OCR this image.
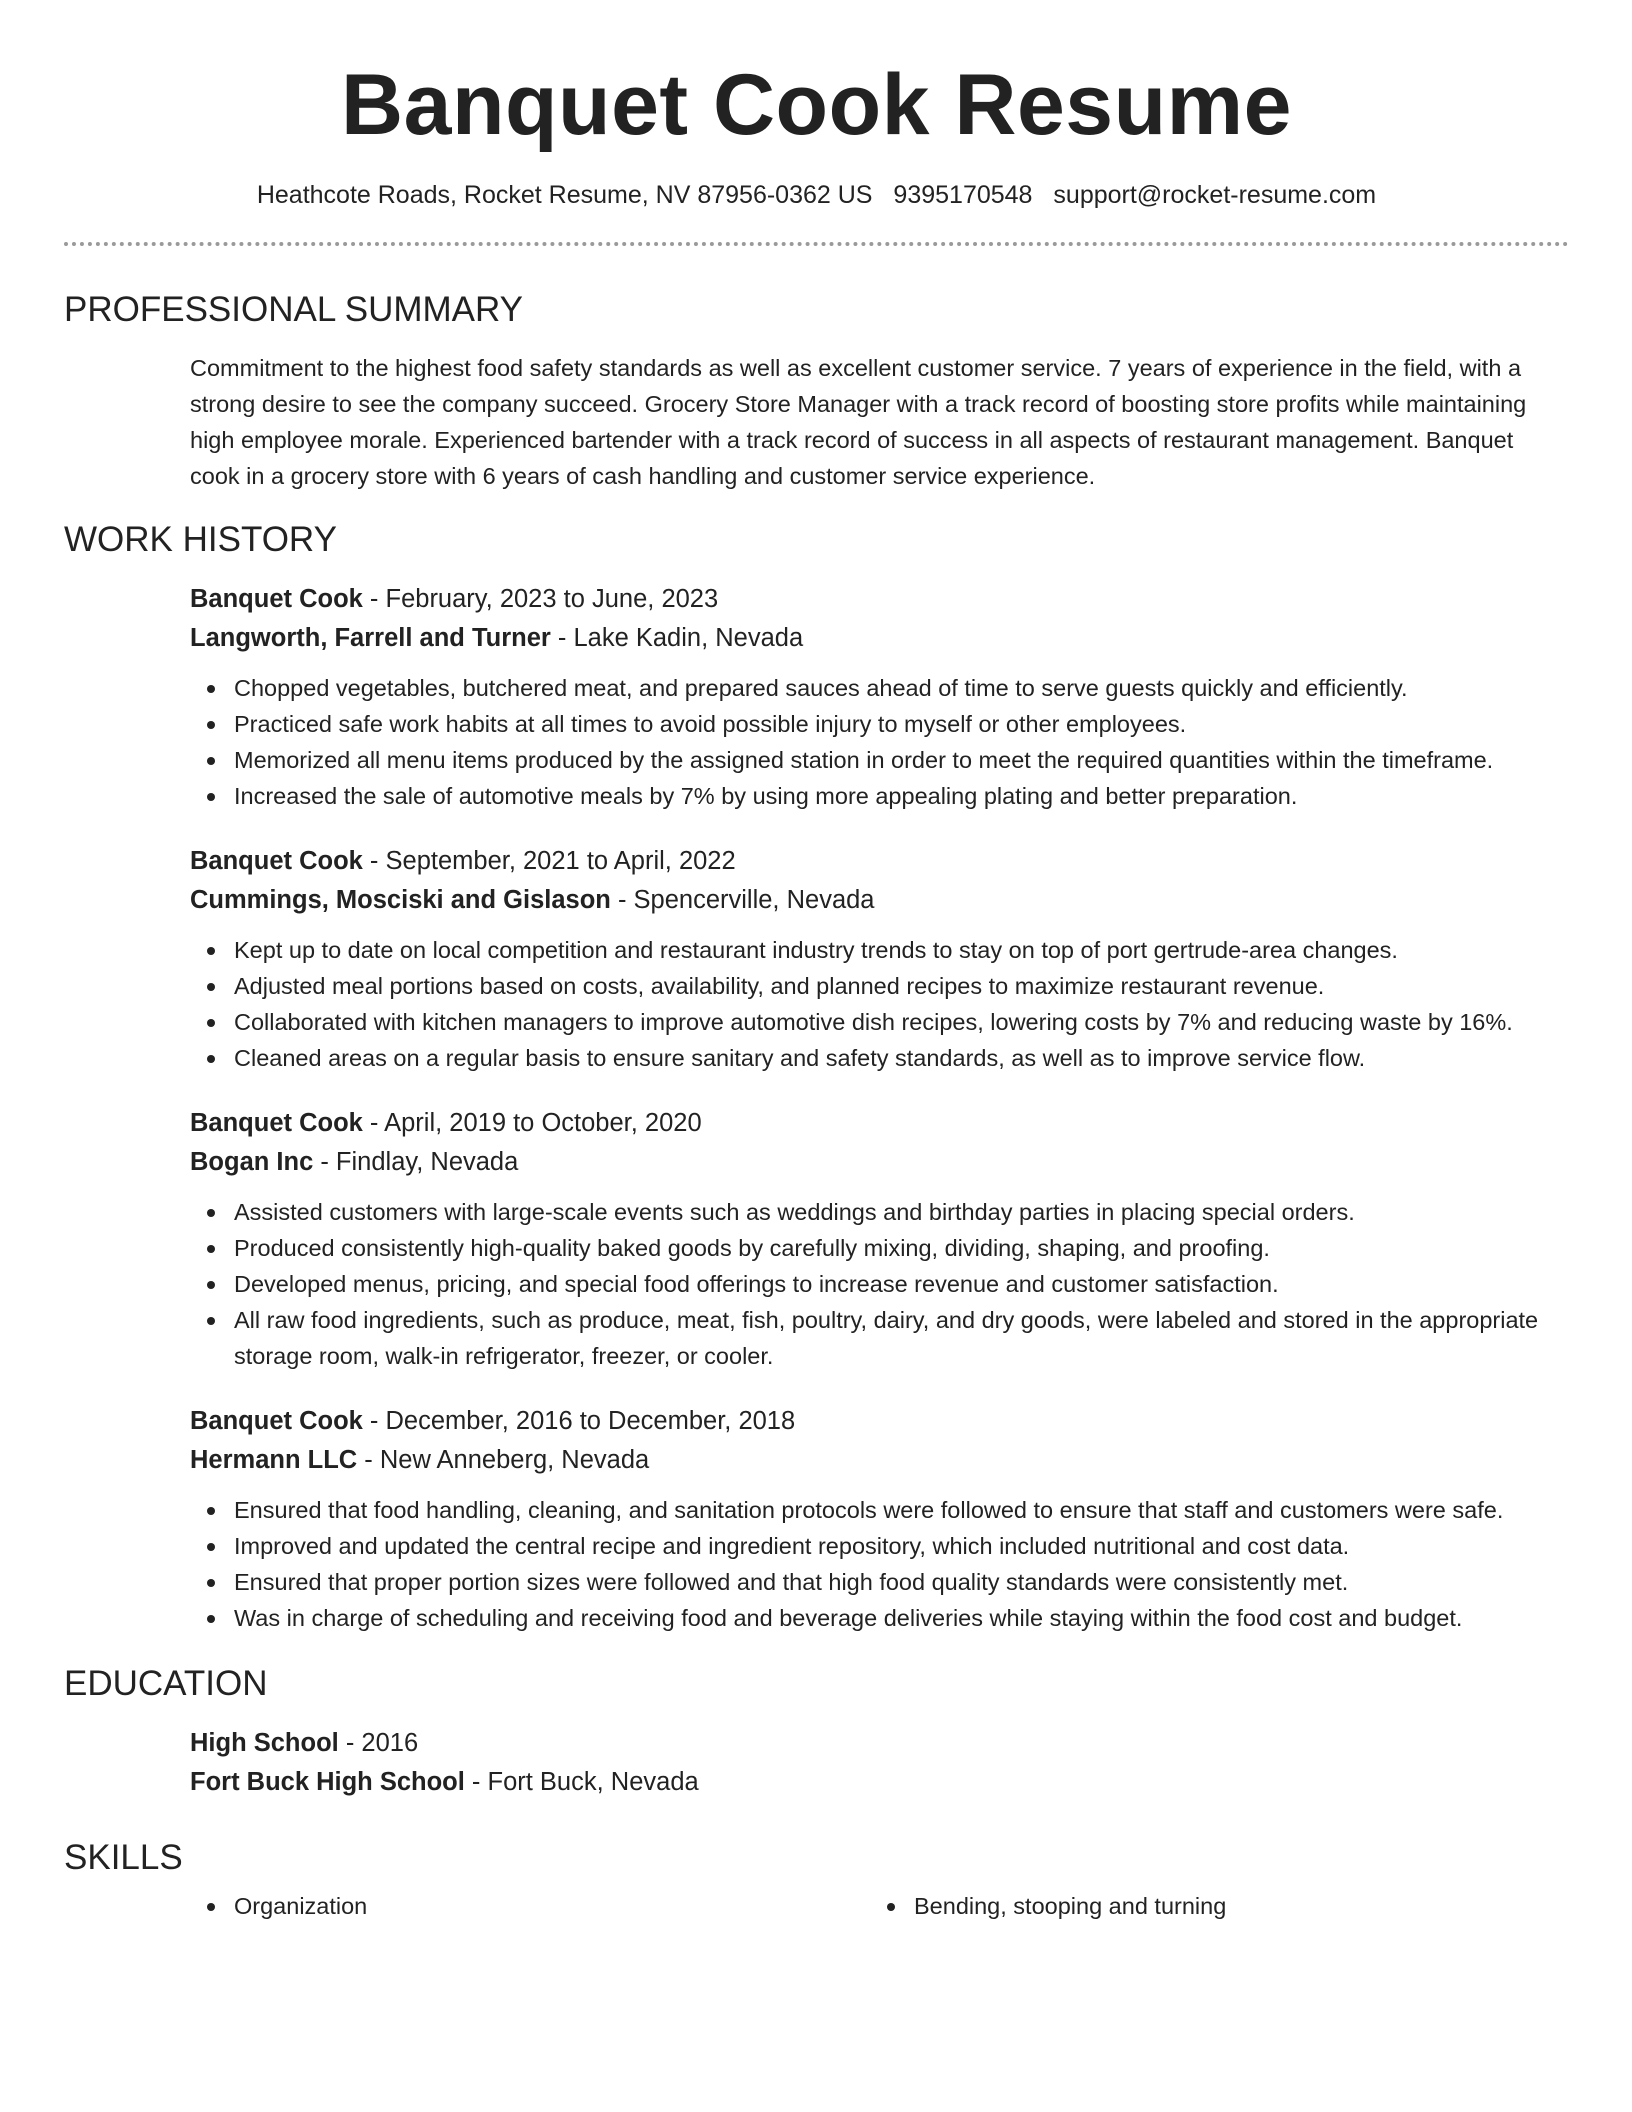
Banquet Cook Resume
Heathcote Roads, Rocket Resume, NV 87956-0362 US 9395170548 support@rocket-resume.com
PROFESSIONAL SUMMARY
Commitment to the highest food safety standards as well as excellent customer service. 7 years of experience in the field, with a strong desire to see the company succeed. Grocery Store Manager with a track record of boosting store profits while maintaining high employee morale. Experienced bartender with a track record of success in all aspects of restaurant management. Banquet cook in a grocery store with 6 years of cash handling and customer service experience.
WORK HISTORY
Banquet Cook - February, 2023 to June, 2023
Langworth, Farrell and Turner - Lake Kadin, Nevada
Chopped vegetables, butchered meat, and prepared sauces ahead of time to serve guests quickly and efficiently.
Practiced safe work habits at all times to avoid possible injury to myself or other employees.
Memorized all menu items produced by the assigned station in order to meet the required quantities within the timeframe.
Increased the sale of automotive meals by 7% by using more appealing plating and better preparation.
Banquet Cook - September, 2021 to April, 2022
Cummings, Mosciski and Gislason - Spencerville, Nevada
Kept up to date on local competition and restaurant industry trends to stay on top of port gertrude-area changes.
Adjusted meal portions based on costs, availability, and planned recipes to maximize restaurant revenue.
Collaborated with kitchen managers to improve automotive dish recipes, lowering costs by 7% and reducing waste by 16%.
Cleaned areas on a regular basis to ensure sanitary and safety standards, as well as to improve service flow.
Banquet Cook - April, 2019 to October, 2020
Bogan Inc - Findlay, Nevada
Assisted customers with large-scale events such as weddings and birthday parties in placing special orders.
Produced consistently high-quality baked goods by carefully mixing, dividing, shaping, and proofing.
Developed menus, pricing, and special food offerings to increase revenue and customer satisfaction.
All raw food ingredients, such as produce, meat, fish, poultry, dairy, and dry goods, were labeled and stored in the appropriate storage room, walk-in refrigerator, freezer, or cooler.
Banquet Cook - December, 2016 to December, 2018
Hermann LLC - New Anneberg, Nevada
Ensured that food handling, cleaning, and sanitation protocols were followed to ensure that staff and customers were safe.
Improved and updated the central recipe and ingredient repository, which included nutritional and cost data.
Ensured that proper portion sizes were followed and that high food quality standards were consistently met.
Was in charge of scheduling and receiving food and beverage deliveries while staying within the food cost and budget.
EDUCATION
High School - 2016
Fort Buck High School - Fort Buck, Nevada
SKILLS
Organization	Bending, stooping and turning
